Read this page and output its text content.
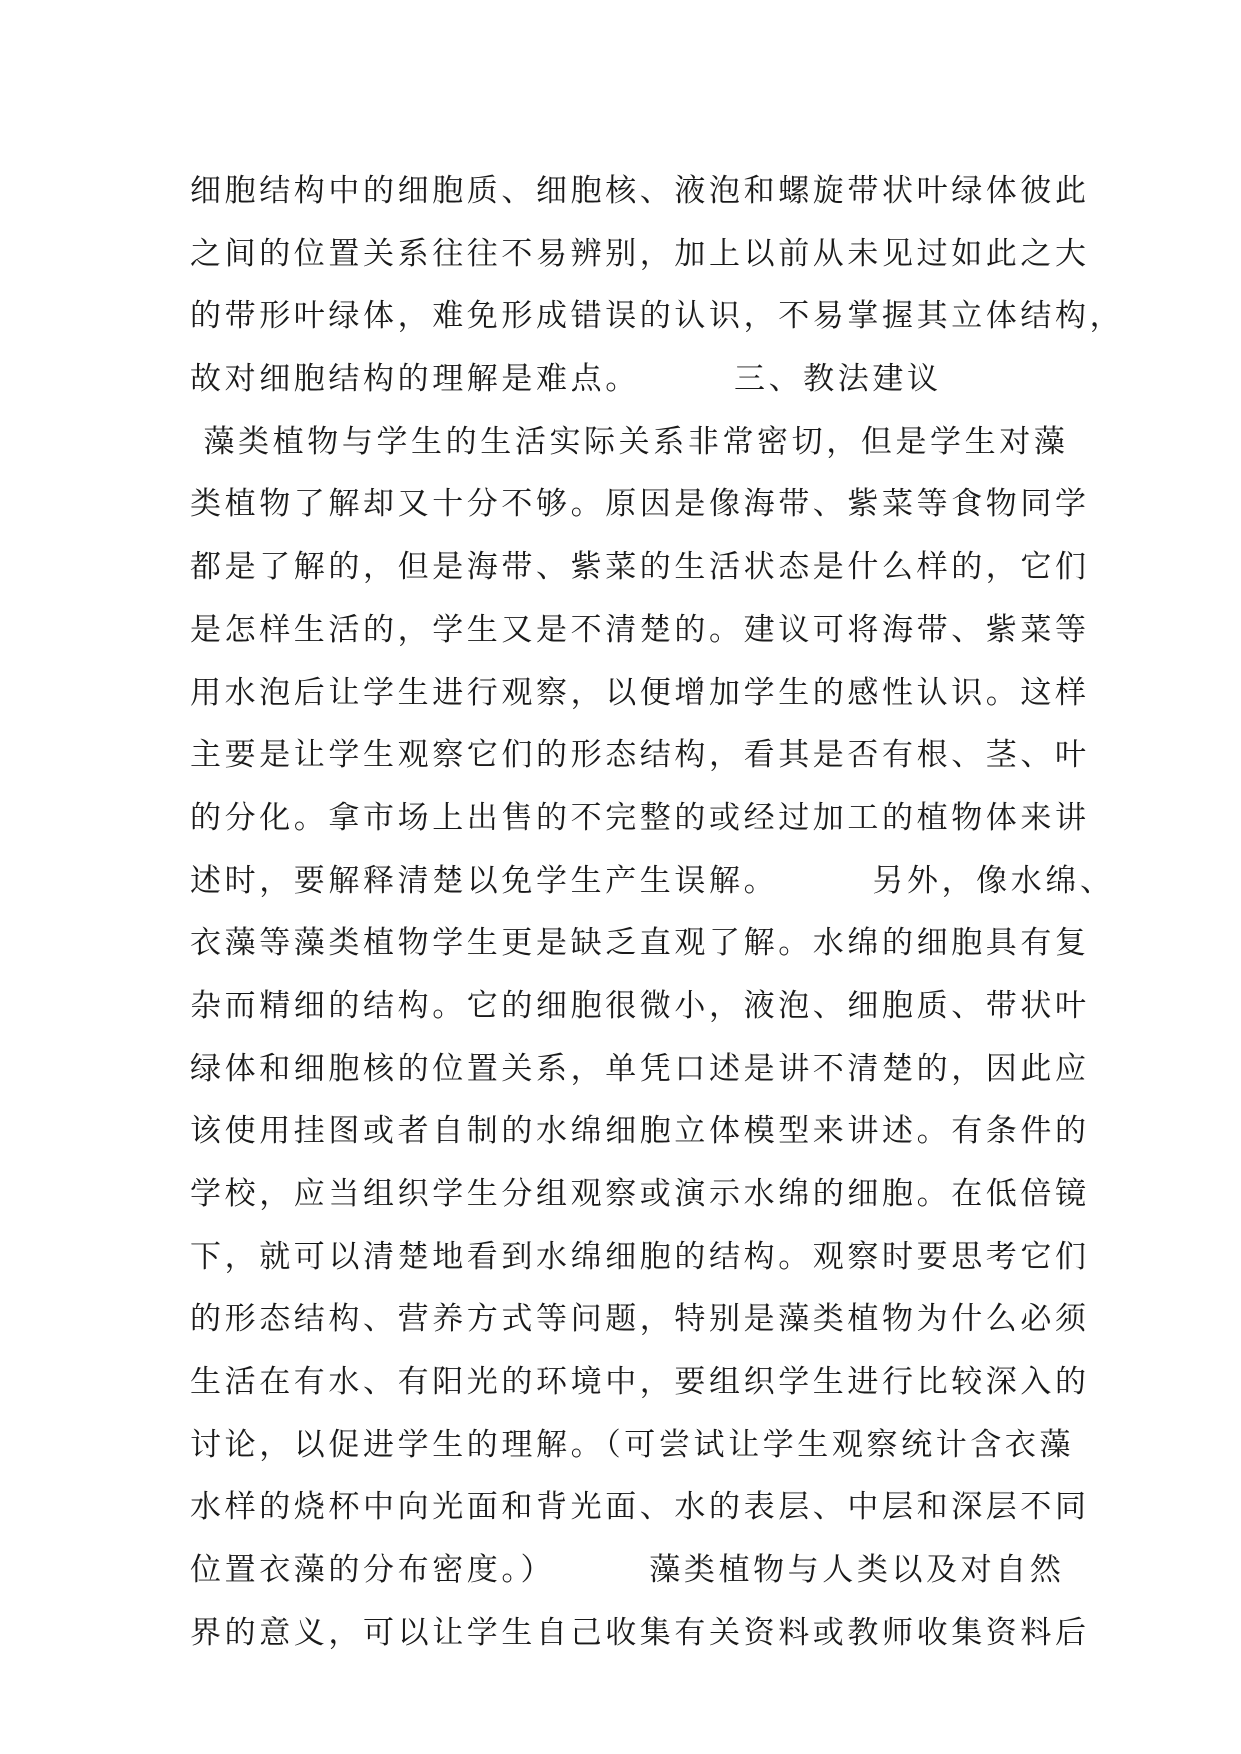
细胞结构中的细胞质、细胞核、液泡和螺旋带状叶绿体彼此
之间的位置关系往往不易辨别，加上以前从未见过如此之大
的带形叶绿体，难免形成错误的认识，不易掌握其立体结构，
故对细胞结构的理解是难点。       三、教法建议
藻类植物与学生的生活实际关系非常密切，但是学生对藻
类植物了解却又十分不够。原因是像海带、紫菜等食物同学
都是了解的，但是海带、紫菜的生活状态是什么样的，它们
是怎样生活的，学生又是不清楚的。建议可将海带、紫菜等
用水泡后让学生进行观察，以便增加学生的感性认识。这样
主要是让学生观察它们的形态结构，看其是否有根、茎、叶
的分化。拿市场上出售的不完整的或经过加工的植物体来讲
述时，要解释清楚以免学生产生误解。       另外，像水绵、
衣藻等藻类植物学生更是缺乏直观了解。水绵的细胞具有复
杂而精细的结构。它的细胞很微小，液泡、细胞质、带状叶
绿体和细胞核的位置关系，单凭口述是讲不清楚的，因此应
该使用挂图或者自制的水绵细胞立体模型来讲述。有条件的
学校，应当组织学生分组观察或演示水绵的细胞。在低倍镜
下，就可以清楚地看到水绵细胞的结构。观察时要思考它们
的形态结构、营养方式等问题，特别是藻类植物为什么必须
生活在有水、有阳光的环境中，要组织学生进行比较深入的
讨论，以促进学生的理解。（可尝试让学生观察统计含衣藻
水样的烧杯中向光面和背光面、水的表层、中层和深层不同
位置衣藻的分布密度。）       藻类植物与人类以及对自然
界的意义，可以让学生自己收集有关资料或教师收集资料后
